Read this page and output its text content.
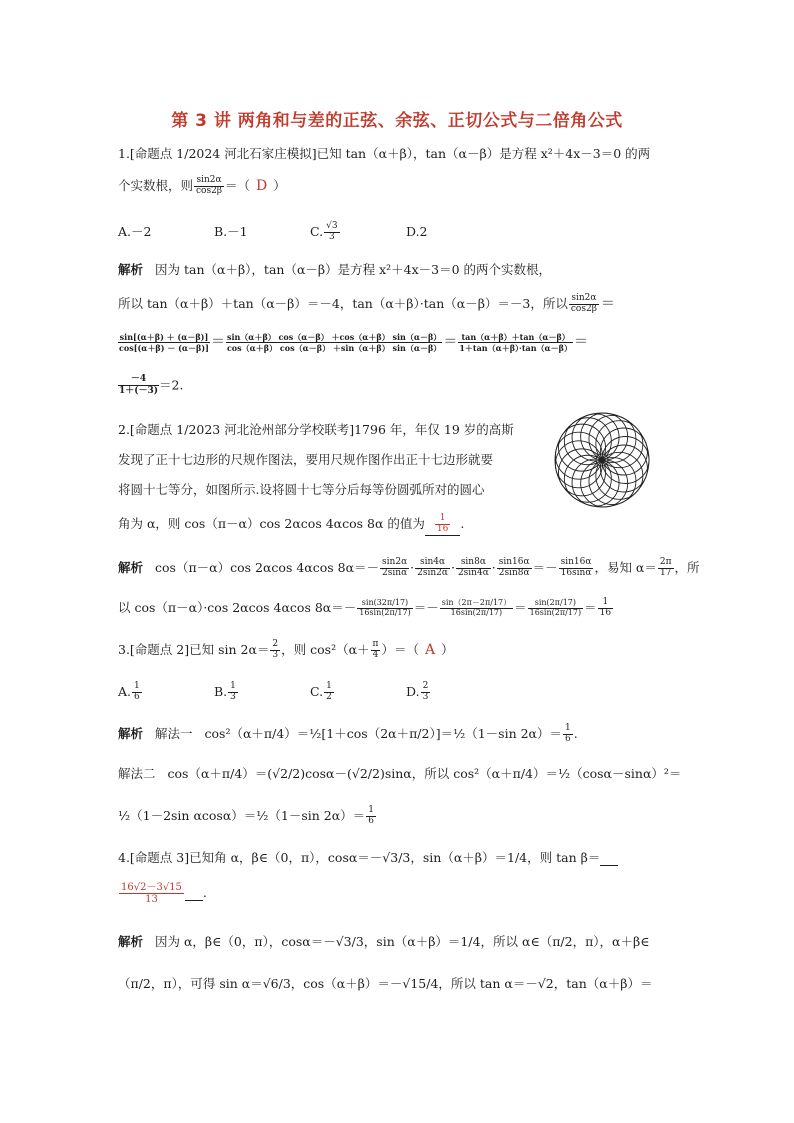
第 3 讲 两角和与差的正弦、余弦、正切公式与二倍角公式
1.[命题点 1/2024 河北石家庄模拟]已知 tan（α＋β），tan（α－β）是方程 x²＋4x－3＝0 的两
个实数根，则 $\frac{\sin 2\alpha}{\cos 2\beta}$ ＝（ D ）
A.－2	B.－1	C. $\frac{√3}{3}$	D.2
解析 因为 tan（α＋β），tan（α－β）是方程 x²＋4x－3＝0 的两个实数根，
所以 tan（α＋β）＋tan（α－β）＝－4，tan（α＋β）·tan（α－β）＝－3，所以 $\frac{\sin 2\alpha}{\cos 2\beta}$ ＝
$\frac{\sin[(\alpha+\beta) + (\alpha-\beta)]}{\cos[(\alpha+\beta) - (\alpha-\beta)]} = \frac{\sin(\alpha+\beta) \cos(\alpha-\beta) +\cos(\alpha+\beta) \sin(\alpha-\beta)}{\cos(\alpha+\beta) \cos(\alpha-\beta) +\sin(\alpha+\beta) \sin(\alpha-\beta)} = \frac{\tan(\alpha+\beta)+\tan(\alpha-\beta)}{1+\tan(\alpha+\beta)\cdot\tan(\alpha-\beta)}$ ＝
$\frac{-4}{1+(-3)} =2$.
2.[命题点 1/2023 河北沧州部分学校联考]1796 年，年仅 19 岁的高斯
发现了正十七边形的尺规作图法，要用尺规作图作出正十七边形就要
将圆十七等分，如图所示.设将圆十七等分后每等份圆弧所对的圆心
角为 α，则 cos（π－α）cos 2αcos 4αcos 8α 的值为 $\frac{1}{16}$ .
解析 cos（π－α）cos 2αcos 4αcos $8\alpha=- \frac{\sin 2\alpha}{2\sin\alpha} \cdot \frac{\sin 4\alpha}{2\sin 2\alpha} \cdot \frac{\sin 8\alpha}{2\sin 4\alpha} \cdot \frac{\sin 16\alpha}{2\sin 8\alpha} =- \frac{\sin 16\alpha}{16\sin\alpha}$ ，易知 $\alpha= \frac{2\pi}{17}$ ，所
以 cos（π－α）·cos 2αcos 4αcos $8\alpha=- \frac{\sin(32\pi/17)}{16\sin(2\pi/17)} =- \frac{\sin(2\pi-2\pi/17)}{16\sin(2\pi/17)} = \frac{\sin(2\pi/17)}{16\sin(2\pi/17)} = \frac{1}{16}$
3.[命题点 2]已知 $\sin 2\alpha= \frac{2}{3}$ ，则 $\cos^2(\alpha+ \frac{\pi}{4}$ ）＝（ A ）
A. $\frac{1}{6}$	B. $\frac{1}{3}$	C. $\frac{1}{2}$	D. $\frac{2}{3}$
解析 解法一 cos²（α＋π/4）＝½[1＋cos（2α＋π/2）]＝½（1－sin $2\alpha)= \frac{1}{6}$ .
解法二 cos（α＋π/4）＝(√2/2)cosα－(√2/2)sinα，所以 cos²（α＋π/4）＝½（cosα－sinα）²＝
½（1－2sin αcosα）＝½（1－sin $2\alpha)= \frac{1}{6}$
4.[命题点 3]已知角 α，β∈（0，π），cosα＝－√3/3，sin（α＋β）＝1/4，则 tan β＝
$\frac{16√2-3√15}{13}$ .
解析 因为 α，β∈（0，π），cosα＝－√3/3，sin（α＋β）＝1/4，所以 α∈（π/2，π），α＋β∈
（π/2，π），可得 sin α＝√6/3，cos（α＋β）＝－√15/4，所以 tan α＝－√2，tan（α＋β）＝
